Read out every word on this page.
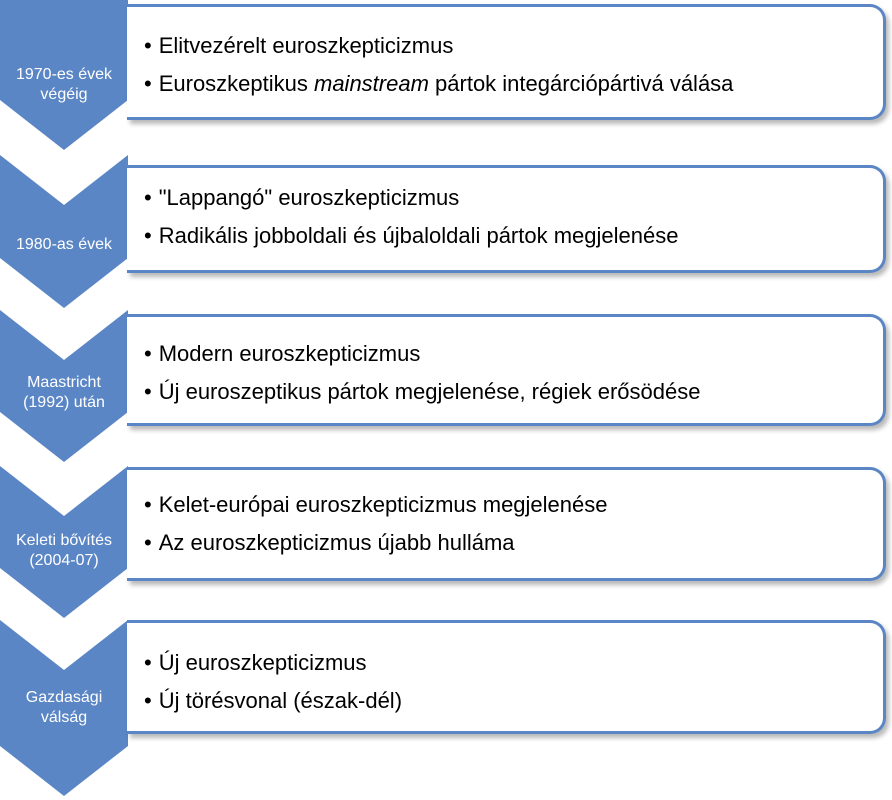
1970-es évek
végéig
• Elitvezérelt euroszkepticizmus
• Euroszkeptikus mainstream pártok integárciópártivá válása
1980-as évek
• "Lappangó" euroszkepticizmus
• Radikális jobboldali és újbaloldali pártok megjelenése
Maastricht
(1992) után
• Modern euroszkepticizmus
• Új euroszeptikus pártok megjelenése, régiek erősödése
Keleti bővítés
(2004-07)
• Kelet-európai euroszkepticizmus megjelenése
• Az euroszkepticizmus újabb hulláma
Gazdasági
válság
• Új euroszkepticizmus
• Új törésvonal (észak-dél)
